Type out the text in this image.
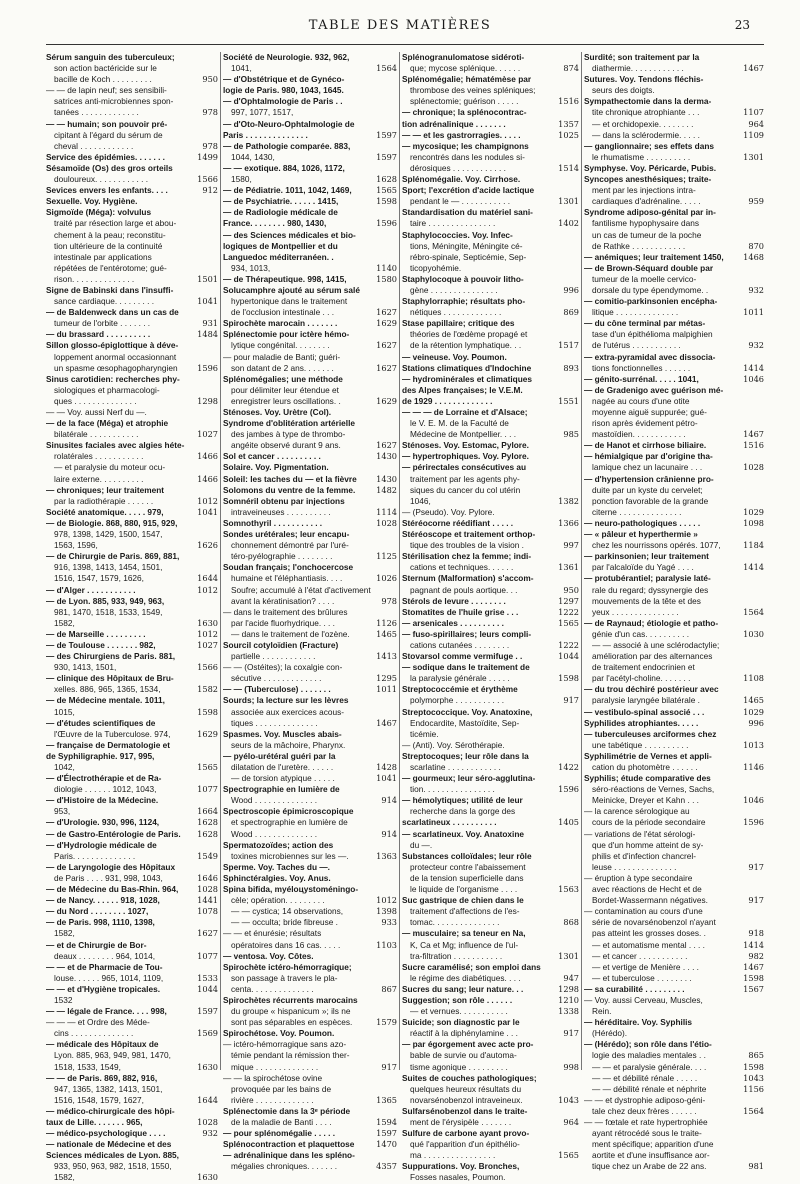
TABLE DES MATIÈRES	23
Sérum sanguin des tuberculeux;
son action bactéricide sur le
bacille de Koch . . . . . . . . .	950
— — de lapin neuf; ses sensibili-
satrices anti-microbiennes spon-
tanées . . . . . . . . . . . . .	978
— — humain; son pouvoir pré-
cipitant à l'égard du sérum de
cheval . . . . . . . . . . . .	978
Service des épidémies. . . . . . .	1499
Sésamoïde (Os) des gros orteils
douloureux. . . . . . . . . . . .	1566
Sevices envers les enfants. . . .	912
Sexuelle. Voy. Hygiène.
Sigmoïde (Méga): volvulus
traité par résection large et abou-
chement à la peau; reconstitu-
tion ultérieure de la continuité
intestinale par applications
répétées de l'entérotome; gué-
rison. . . . . . . . . . . . . .	1501
Signe de Babinski dans l'insuffi-
sance cardiaque. . . . . . . . .	1041
— de Baldenweck dans un cas de
tumeur de l'orbite . . . . . . .	931
— du brassard . . . . . . . . . .	1484
Sillon glosso-épiglottique à déve-
loppement anormal occasionnant
un spasme œsophagopharyngien	1596
Sinus carotidien: recherches phy-
siologiques et pharmacologi-
ques . . . . . . . . . . . . . .	1298
— — Voy. aussi Nerf du —.
— de la face (Méga) et atrophie
bilatérale . . . . . . . . . . .	1027
Sinusites faciales avec algies héte-
rolatérales . . . . . . . . . . .	1466
— et paralysie du moteur ocu-
laire externe. . . . . . . . . .	1466
— chroniques; leur traitement
par la radiothérapie . . . . . .	1012
Société anatomique. . . . . 979,	1041
— de Biologie. 868, 880, 915, 929,
978, 1398, 1429, 1500, 1547,
1563, 1596,	1626
— de Chirurgie de Paris. 869, 881,
916, 1398, 1413, 1454, 1501,
1516, 1547, 1579, 1626,	1644
— d'Alger . . . . . . . . . . .	1012
— de Lyon. 885, 933, 949, 963,
981, 1470, 1518, 1533, 1549,
1582,	1630
— de Marseille . . . . . . . . .	1012
— de Toulouse . . . . . . . 982,	1027
— des Chirurgiens de Paris. 881,
930, 1413, 1501,	1566
— clinique des Hôpitaux de Bru-
xelles. 886, 965, 1365, 1534,	1582
— de Médecine mentale. 1011,
1015,	1598
— d'études scientifiques de
l'Œuvre de la Tuberculose. 974,	1629
— française de Dermatologie et
de Syphiligraphie. 917, 995,
1042,	1565
— d'Électrothérapie et de Ra-
diologie . . . . . . 1012, 1043,	1077
— d'Histoire de la Médecine.
953,	1664
— d'Urologie. 930, 996, 1124,	1628
— de Gastro-Entérologie de Paris.	1628
— d'Hydrologie médicale de
Paris. . . . . . . . . . . . . .	1549
— de Laryngologie des Hôpitaux
de Paris . . . . 931, 998, 1043,	1646
— de Médecine du Bas-Rhin. 964,	1028
— de Nancy. . . . . . 918, 1028,	1441
— du Nord . . . . . . . . 1027,	1078
— de Paris. 998, 1110, 1398,
1582,	1627
— et de Chirurgie de Bor-
deaux . . . . . . . . 964, 1014,	1077
— — et de Pharmacie de Tou-
louse. . . . . . 965, 1014, 1109,	1533
— — et d'Hygiène tropicales.	1044
1532
— — légale de France. . . . 998,	1597
— — — et Ordre des Méde-
cins . . . . . . . . . . . . . .	1569
— médicale des Hôpitaux de
Lyon. 885, 963, 949, 981, 1470,
1518, 1533, 1549,	1630
— — de Paris. 869, 882, 916,
947, 1365, 1382, 1413, 1501,
1516, 1548, 1579, 1627,	1644
— médico-chirurgicale des hôpi-
taux de Lille. . . . . . . 965,	1028
— médico-psychologique . . . .	932
— nationale de Médecine et des
Sciences médicales de Lyon. 885,
933, 950, 963, 982, 1518, 1550,
1582,	1630
Société de Neurologie. 932, 962,
1041,	1564
— d'Obstétrique et de Gynéco-
logie de Paris. 980, 1043, 1645.
— d'Ophtalmologie de Paris . .
997, 1077, 1517,
— d'Oto-Neuro-Ophtalmologie de
Paris . . . . . . . . . . . . . .	1597
— de Pathologie comparée. 883,
1044, 1430,	1597
— — exotique. 884, 1026, 1172,
1580,	1628
— de Pédiatrie. 1011, 1042, 1469,	1565
— de Psychiatrie. . . . . . 1415,	1598
— de Radiologie médicale de
France. . . . . . . . 980, 1430,	1596
— des Sciences médicales et bio-
logiques de Montpellier et du
Languedoc méditerranéen. .
934, 1013,	1140
— de Thérapeutique. 998, 1415,	1580
Solucamphre ajouté au sérum salé
hypertonique dans le traitement
de l'occlusion intestinale . . .	1627
Spirochète marocain . . . . . . .	1629
Splénectomie pour ictère hémo-
lytique congénital. . . . . . . .	1627
— pour maladie de Banti; guéri-
son datant de 2 ans. . . . . . .	1627
Splénomégalies; une méthode
pour délimiter leur étendue et
enregistrer leurs oscillations. .	1629
Sténoses. Voy. Urètre (Col).
Syndrome d'oblitération artérielle
des jambes à type de thrombo-
angéite observé durant 9 ans.	1627
Sol et cancer . . . . . . . . . .	1430
Solaire. Voy. Pigmentation.
Soleil: les taches du — et la fièvre	1430
Solomons du ventre de la femme.	1482
Somnéril obtenu par injections
intraveineuses . . . . . . . . . .	1114
Somnothyril . . . . . . . . . . .	1028
Sondes urétérales; leur encapu-
chonnement démontré par l'uré-
téro-pyélographie . . . . . . . .	1125
Soudan français; l'onchocercose
humaine et l'éléphantiasis. . . .	1026
Soufre; accumulé à l'état d'activement
avant la kératinisation? . . . .	978
— dans le traitement des brûlures
par l'acide fluorhydrique. . . .	1126
— dans le traitement de l'ozène.	1465
Sourcil cotyloïdien (Fracture)
partielle . . . . . . . . . . . .	1413
— — (Ostéites); la coxalgie con-
sécutive . . . . . . . . . . . . .	1295
— — (Tuberculose) . . . . . . .	1011
Sourds; la lecture sur les lèvres
associée aux exercices acous-
tiques . . . . . . . . . . . . . .	1467
Spasmes. Voy. Muscles abais-
seurs de la mâchoire, Pharynx.
— pyélo-urétéral guéri par la
dilatation de l'uretère. . . . . .	1428
— de torsion atypique . . . . .	1041
Spectrographie en lumière de
Wood . . . . . . . . . . . . . .	914
Spectroscopie épimicroscopique
et spectrographie en lumière de
Wood . . . . . . . . . . . . . .	914
Spermatozoïdes; action des
toxines microbiennes sur les —.	1363
Sperme. Voy. Taches du —.
Sphinctéralgies. Voy. Anus.
Spina bifida, myéloцystoméningo-
cèle; opération. . . . . . . . .	1012
— — cystica; 14 observations,	1398
— — occulta; bride fibreuse .	933
— — et énurésie; résultats
opératoires dans 16 cas. . . . .	1103
— ventosa. Voy. Côtes.
Spirochète ictéro-hémorragique;
son passage à travers le pla-
centa. . . . . . . . . . . . . .	867
Spirochètes récurrents marocains
du groupe « hispanicum »; ils ne
sont pas séparables en espèces.	1579
Spirochétose. Voy. Poumon.
— ictéro-hémorragique sans azo-
témie pendant la rémission ther-
mique . . . . . . . . . . . . . .	917
— — la spirochétose ovine
provoquée par les bains de
rivière . . . . . . . . . . . . .	1365
Splénectomie dans la 3ᵉ période
de la maladie de Banti . . . .	1594
— pour splénomégalie . . . . .	1597
Splénocontraction et plaquettose	1470
— adrénalinique dans les spléno-
mégalies chroniques. . . . . . .	4357
Splénogranulomatose sidéroti-
que; mycose splénique. . . . . .	874
Splénomégalie; hématémèse par
thrombose des veines spléniques;
splénectomie; guérison . . . . .	1516
— chronique; la splénocontrac-
tion adrénalinique . . . . . . .	1357
— — et les gastrorragies. . . . .	1025
— mycosique; les champignons
rencontrés dans les nodules si-
dérosiques . . . . . . . . . . . .	1514
Splénomégalie. Voy. Cirrhose.
Sport; l'excrétion d'acide lactique
pendant le — . . . . . . . . . . .	1301
Standardisation du matériel sani-
taire . . . . . . . . . . . . . . .	1402
Staphylococcies. Voy. Infec-
tions, Méningite, Méningite cé-
rébro-spinale, Septicémie, Sep-
ticopyohémie.
Staphylocoque à pouvoir litho-
gène . . . . . . . . . . . . . . .	996
Staphylorraphie; résultats pho-
nétiques . . . . . . . . . . . . .	869
Stase papillaire; critique des
théories de l'œdème propagé et
de la rétention lymphatique. . .	1517
— veineuse. Voy. Poumon.
Stations climatiques d'Indochine	893
— hydrominérales et climatiques
des Alpes françaises; le V.E.M.
de 1929 . . . . . . . . . . . . .	1551
— — — de Lorraine et d'Alsace;
le V. E. M. de la Faculté de
Médecine de Montpellier. . . .	985
Sténoses. Voy. Estomac, Pylore.
— hypertrophiques. Voy. Pylore.
— périrectales consécutives au
traitement par les agents phy-
siques du cancer du col utérin
1046,	1382
— (Pseudo). Voy. Pylore.
Stéréocorne réédifiant . . . . .	1366
Stéréoscope et traitement orthop-
tique des troubles de la vision .	997
Stérilisation chez la femme; indi-
cations et techniques. . . . . .	1361
Sternum (Malformation) s'accom-
pagnant de pouls aortique. . .	950
Stérols de levure . . . . . . . .	1297
Stomatites de l'huile grise . . .	1222
— arsenicales . . . . . . . . . .	1565
— fuso-spirillaires; leurs compli-
cations cutanées . . . . . . . .	1222
Stovarsol comme vermifuge . .	1044
— sodique dans le traitement de
la paralysie générale . . . . .	1598
Streptococcémie et érythème
polymorphe . . . . . . . . . . .	917
Streptococcique. Voy. Anatoxine,
Endocardite, Mastoïdite, Sep-
ticémie.
— (Anti). Voy. Sérothérapie.
Streptocoques; leur rôle dans la
scarlatine . . . . . . . . . . . .	1422
— gourmeux; leur séro-agglutina-
tion. . . . . . . . . . . . . . . .	1596
— hémolytiques; utilité de leur
recherche dans la gorge des
scarlatineux . . . . . . . . . .	1405
— scarlatineux. Voy. Anatoxine
du —.
Substances colloïdales; leur rôle
protecteur contre l'abaissement
de la tension superficielle dans
le liquide de l'organisme . . . .	1563
Suc gastrique de chien dans le
traitement d'affections de l'es-
tomac. . . . . . . . . . . . . . .	868
— musculaire; sa teneur en Na,
K, Ca et Mg; influence de l'ul-
tra-filtration . . . . . . . . . . .	1301
Sucre caramélisé; son emploi dans
le régime des diabétiques. . . .	947
Sucres du sang; leur nature. . .	1298
Suggestion; son rôle . . . . . .	1210
— et vernues. . . . . . . . . . .	1338
Suicide; son diagnostic par le
réactif à la diphénylamine . . .	917
— par égorgement avec acte pro-
bable de survie ou d'automa-
tisme agonique . . . . . . . . .	998
Suites de couches pathologiques;
quelques heureux résultats du
novarsénobenzol intraveineux.	1043
Sulfarsénobenzol dans le traite-
ment de l'érysipèle . . . . . . .	964
Sulfure de carbone ayant provo-
qué l'apparition d'un épithélio-
ma . . . . . . . . . . . . . . . .	1565
Suppurations. Voy. Bronches,
Fosses nasales, Poumon.
Surdité; son traitement par la
diathermie. . . . . . . . . . . .	1467
Sutures. Voy. Tendons fléchis-
seurs des doigts.
Sympathectomie dans la derma-
tite chronique atrophiante . . .	1107
— et orchidopexie. . . . . . . .	964
— dans la sclérodermie. . . . .	1109
— ganglionnaire; ses effets dans
le rhumatisme . . . . . . . . . .	1301
Symphyse. Voy. Péricarde, Pubis.
Syncopes anesthésiques; traite-
ment par les injections intra-
cardiaques d'adrénaline. . . . .	959
Syndrome adiposo-génital par in-
fantilisme hypophysaire dans
un cas de tumeur de la poche
de Rathke . . . . . . . . . . . .	870
— anémiques; leur traitement 1450,	1468
— de Brown-Séquard double par
tumeur de la moelle cervico-
dorsale du type épendymome. .	932
— comitio-parkinsonien encépha-
litique . . . . . . . . . . . . . .	1011
— du cône terminal par métas-
tase d'un épithélioma malpighien
de l'utérus . . . . . . . . . . .	932
— extra-pyramidal avec dissocia-
tions fonctionnelles . . . . . .	1414
— génito-surrénal. . . . . 1041,	1046
— de Gradenigo avec guérison mé-
nagée au cours d'une otite
moyenne aiguë suppurée; gué-
rison après évidement pétro-
mastoïdien. . . . . . . . . . . .	1467
— de Hanot et cirrhose biliaire.	1516
— hémialgique par d'origine tha-
lamique chez un lacunaire . . .	1028
— d'hypertension crânienne pro-
duite par un kyste du cervelet;
ponction favorable de la grande
citerne . . . . . . . . . . . . . .	1029
— neuro-pathologiques . . . . .	1098
— « pâleur et hyperthermie »
chez les nourrissons opérés. 1077,	1184
— parkinsonien; leur traitement
par l'alcaloïde du Yagé . . . .	1414
— protubérantiel; paralysie laté-
rale du regard; dyssynergie des
mouvements de la tête et des
yeux . . . . . . . . . . . . . . .	1564
— de Raynaud; étiologie et patho-
génie d'un cas. . . . . . . . . .	1030
— — associé à une sclérodactylie;
amélioration par des alternances
de traitement endocrinien et
par l'acétyl-choline. . . . . . .	1108
— du trou déchiré postérieur avec
paralysie laryngée bilatérale .	1465
— vestibulo-spinal associé . . .	1029
Syphilides atrophiantes. . . . .	996
— tuberculeuses arciformes chez
une tabétique . . . . . . . . . .	1013
Syphilimétrie de Vernes et appli-
cation du photomètre . . . . . .	1146
Syphilis; étude comparative des
séro-réactions de Vernes, Sachs,
Meinicke, Dreyer et Kahn . . .	1046
— la carence sérologique au
cours de la période secondaire	1596
— variations de l'état sérologi-
que d'un homme atteint de sy-
philis et d'infection chancrel-
leuse . . . . . . . . . . . . . .	917
— éruption à type secondaire
avec réactions de Hecht et de
Bordet-Wassermann négatives.	917
— contamination au cours d'une
série de novarsénobenzol n'ayant
pas atteint les grosses doses. .	918
— et automatisme mental . . . .	1414
— et cancer . . . . . . . . . . .	982
— et vertige de Menière . . . .	1467
— et tuberculose . . . . . . . .	1598
— sa curabilité . . . . . . . . .	1567
— Voy. aussi Cerveau, Muscles,
Rein.
— héréditaire. Voy. Syphilis
(Hérédo).
— (Hérédo); son rôle dans l'étio-
logie des maladies mentales . .	865
— — et paralysie générale. . . .	1598
— — et débilité rénale . . . . .	1043
— — débilité rénale et néphrite	1156
— — et dystrophie adiposo-géni-
tale chez deux frères . . . . . .	1564
— — fœtale et rate hypertrophiée
ayant rétrocédé sous le traite-
ment spécifique; apparition d'une
aortite et d'une insuffisance aor-
tique chez un Arabe de 22 ans.	981
